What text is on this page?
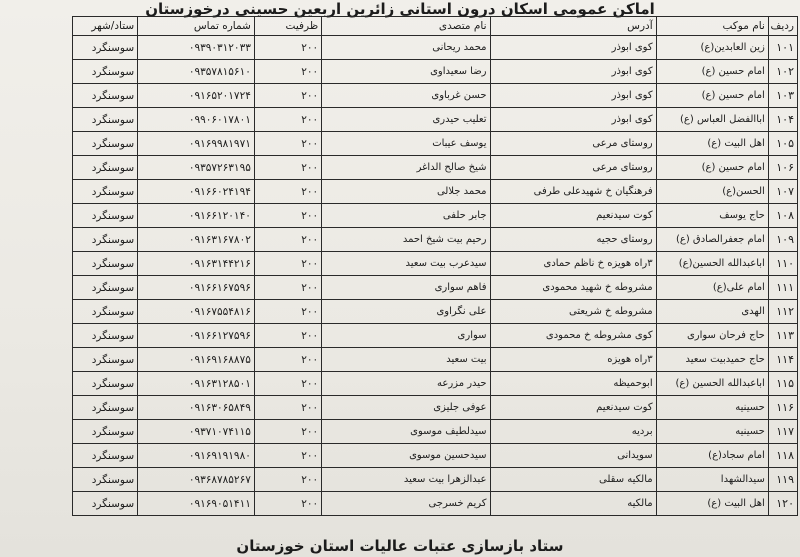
اماکن عمومی اسکان درون استانی زائرین اربعین حسینی درخوزستان
ردیف	نام موکب	آدرس	نام متصدی	ظرفیت	شماره تماس	ستاد/شهر
۱۰۱	زین العابدین(ع)	کوی ابوذر	محمد ریحانی	۲۰۰	۰۹۳۹۰۳۱۲۰۳۳	سوسنگرد
۱۰۲	امام حسین (ع)	کوی ابوذر	رضا سعیداوی	۲۰۰	۰۹۳۵۷۸۱۵۶۱۰	سوسنگرد
۱۰۳	امام حسین (ع)	کوی ابوذر	حسن غرباوی	۲۰۰	۰۹۱۶۵۲۰۱۷۲۴	سوسنگرد
۱۰۴	اباالفضل العباس (ع)	کوی ابوذر	تعلیب حیدری	۲۰۰	۰۹۹۰۶۰۱۷۸۰۱	سوسنگرد
۱۰۵	اهل البیت (ع)	روستای مرعی	یوسف عیبات	۲۰۰	۰۹۱۶۹۹۸۱۹۷۱	سوسنگرد
۱۰۶	امام حسین (ع)	روستای مرعی	شیخ صالح الداغر	۲۰۰	۰۹۳۵۷۲۶۳۱۹۵	سوسنگرد
۱۰۷	الحسن(ع)	فرهنگیان خ شهیدعلی طرفی	محمد جلالی	۲۰۰	۰۹۱۶۶۰۲۴۱۹۴	سوسنگرد
۱۰۸	حاج یوسف	کوت سیدنعیم	جابر حلفی	۲۰۰	۰۹۱۶۶۱۲۰۱۴۰	سوسنگرد
۱۰۹	امام جعفرالصادق (ع)	روستای حجیه	رحیم بیت شیخ احمد	۲۰۰	۰۹۱۶۳۱۶۷۸۰۲	سوسنگرد
۱۱۰	اباعبدالله الحسین(ع)	۳راه هویزه خ ناظم حمادی	سیدعرب بیت سعید	۲۰۰	۰۹۱۶۳۱۴۴۲۱۶	سوسنگرد
۱۱۱	امام علی(ع)	مشروطه خ شهید محمودی	فاهم سواری	۲۰۰	۰۹۱۶۶۱۶۷۵۹۶	سوسنگرد
۱۱۲	الهدی	مشروطه خ شریعتی	علی نگراوی	۲۰۰	۰۹۱۶۷۵۵۴۸۱۶	سوسنگرد
۱۱۳	حاج فرحان سواری	کوی مشروطه خ محمودی	سواری	۲۰۰	۰۹۱۶۶۱۲۷۵۹۶	سوسنگرد
۱۱۴	حاج حمیدبیت سعید	۳راه هویزه	بیت سعید	۲۰۰	۰۹۱۶۹۱۶۸۸۷۵	سوسنگرد
۱۱۵	اباعبدالله الحسین (ع)	ابوحمیظه	حیدر مزرعه	۲۰۰	۰۹۱۶۳۱۲۸۵۰۱	سوسنگرد
۱۱۶	حسینیه	کوت سیدنعیم	عوفی جلیزی	۲۰۰	۰۹۱۶۳۰۶۵۸۴۹	سوسنگرد
۱۱۷	حسینیه	بردیه	سیدلطیف موسوی	۲۰۰	۰۹۳۷۱۰۷۴۱۱۵	سوسنگرد
۱۱۸	امام سجاد(ع)	سویدانی	سیدحسین موسوی	۲۰۰	۰۹۱۶۹۱۹۱۹۸۰	سوسنگرد
۱۱۹	سیدالشهدا	مالکیه سقلی	عبدالزهرا بیت سعید	۲۰۰	۰۹۳۶۸۷۸۵۲۶۷	سوسنگرد
۱۲۰	اهل البیت (ع)	مالکیه	کریم خسرجی	۲۰۰	۰۹۱۶۹۰۵۱۴۱۱	سوسنگرد
ستاد بازسازی عتبات عالیات استان خوزستان
